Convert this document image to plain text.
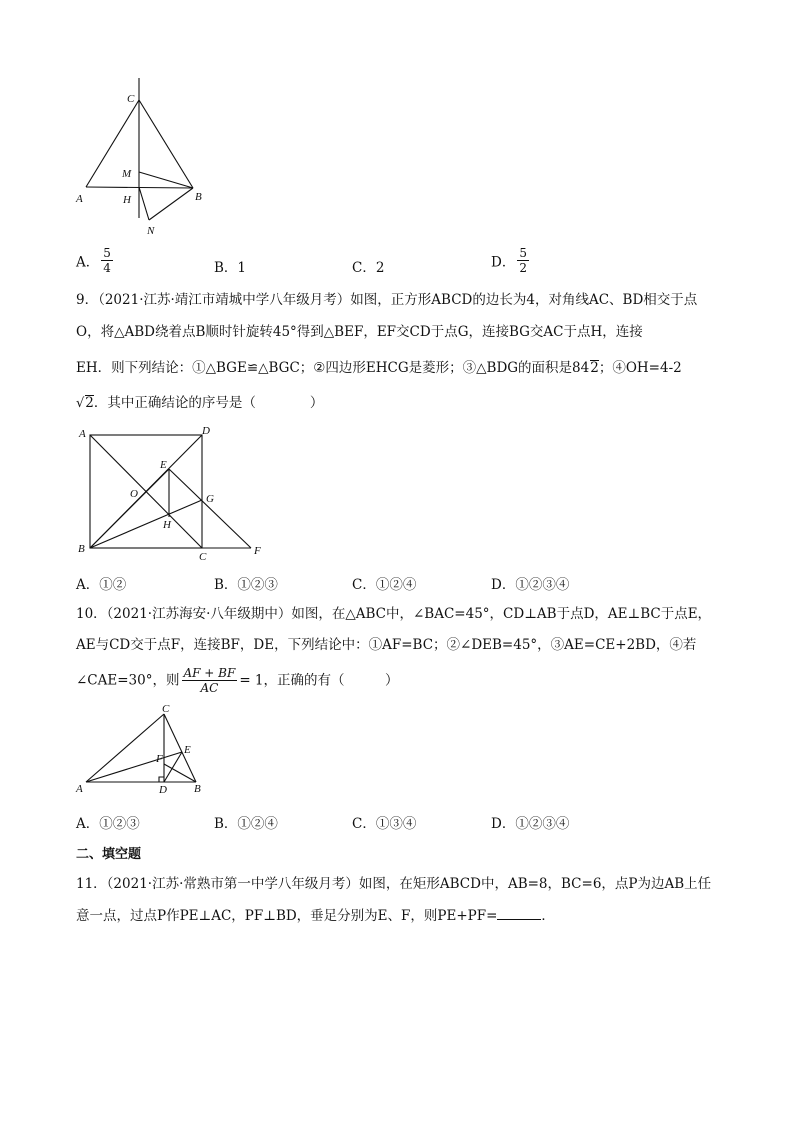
C
M
A	H	B
N
A． $\frac{5}{4}$	B．1	C．2	D． $\frac{5}{2}$
9．（2021·江苏·靖江市靖城中学八年级月考）如图，正方形ABCD的边长为4，对角线AC、BD相交于点
O，将△ABD绕着点B顺时针旋转45°得到△BEF，EF交CD于点G，连接BG交AC于点H，连接
EH．则下列结论：①△BGE≌△BGC；②四边形EHCG是菱形；③△BDG的面积是842；④OH=4-2
√2．其中正确结论的序号是（　　　　）
A	D
E
O	G
H
B
C	F
A．①②	B．①②③	C．①②④	D．①②③④
10．（2021·江苏海安·八年级期中）如图，在△ABC中，∠BAC=45°，CD⊥AB于点D，AE⊥BC于点E，
AE与CD交于点F，连接BF，DE，下列结论中：①AF=BC；②∠DEB=45°，③AE=CE+2BD，④若
∠CAE=30°，则 $\frac{AF + BF}{AC} = 1$，正确的有（　　　）
C
E
F
A	D B
A．①②③	B．①②④	C．①③④	D．①②③④
二、填空题
11．（2021·江苏·常熟市第一中学八年级月考）如图，在矩形ABCD中，AB=8，BC=6，点P为边AB上任
意一点，过点P作PE⊥AC，PF⊥BD，垂足分别为E、F，则PE+PF=	．
